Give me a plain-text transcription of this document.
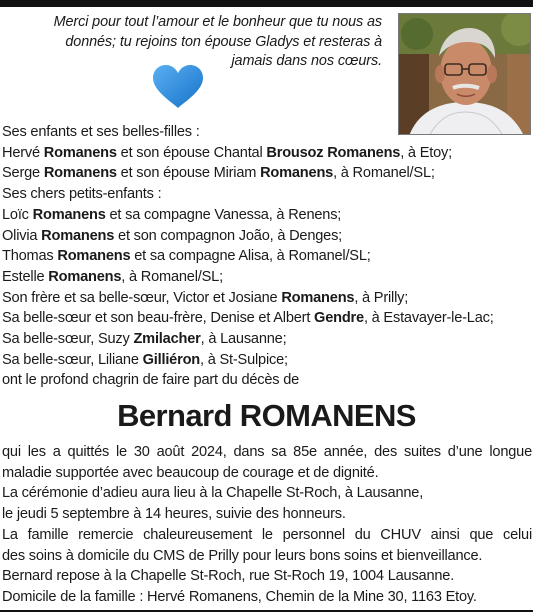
Merci pour tout l’amour et le bonheur que tu nous as
donnés; tu rejoins ton épouse Gladys et resteras à
jamais dans nos cœurs.
Ses enfants et ses belles-filles :
Hervé Romanens et son épouse Chantal Brousoz Romanens, à Etoy;
Serge Romanens et son épouse Miriam Romanens, à Romanel/SL;
Ses chers petits-enfants :
Loïc Romanens et sa compagne Vanessa, à Renens;
Olivia Romanens et son compagnon João, à Denges;
Thomas Romanens et sa compagne Alisa, à Romanel/SL;
Estelle Romanens, à Romanel/SL;
Son frère et sa belle-sœur, Victor et Josiane Romanens, à Prilly;
Sa belle-sœur et son beau-frère, Denise et Albert Gendre, à Estavayer-le-Lac;
Sa belle-sœur, Suzy Zmilacher, à Lausanne;
Sa belle-sœur, Liliane Gilliéron, à St-Sulpice;
ont le profond chagrin de faire part du décès de
Bernard ROMANENS
qui les a quittés le 30 août 2024, dans sa 85e année, des suites d’une longue
maladie supportée avec beaucoup de courage et de dignité.
La cérémonie d’adieu aura lieu à la Chapelle St-Roch, à Lausanne,
le jeudi 5 septembre à 14 heures, suivie des honneurs.
La famille remercie chaleureusement le personnel du CHUV ainsi que celui
des soins à domicile du CMS de Prilly pour leurs bons soins et bienveillance.
Bernard repose à la Chapelle St-Roch, rue St-Roch 19, 1004 Lausanne.
Domicile de la famille : Hervé Romanens, Chemin de la Mine 30, 1163 Etoy.
